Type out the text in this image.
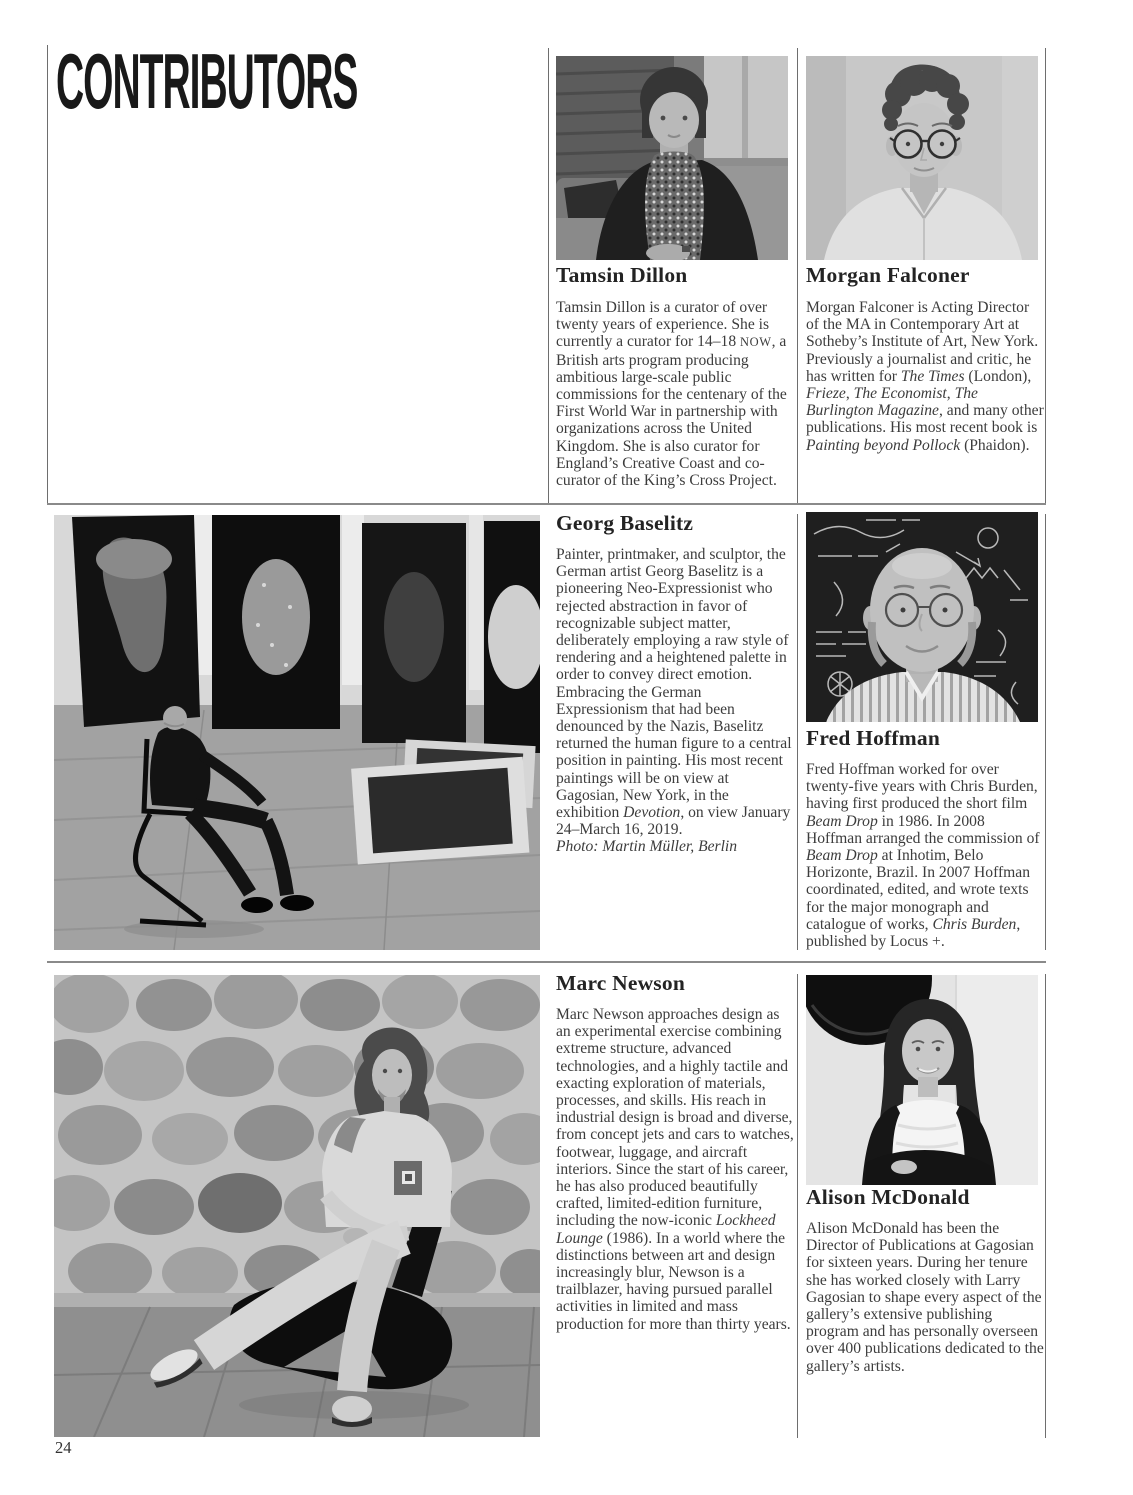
CONTRIBUTORS
Tamsin Dillon

Tamsin Dillon is a curator of over twenty years of experience. She is currently a curator for 14–18 NOW, a British arts program producing ambitious large-scale public commissions for the centenary of the First World War in partnership with organizations across the United Kingdom. She is also curator for England’s Creative Coast and co-curator of the King’s Cross Project.

Morgan Falconer

Morgan Falconer is Acting Director of the MA in Contemporary Art at Sotheby’s Institute of Art, New York. Previously a journalist and critic, he has written for The Times (London), Frieze, The Economist, The Burlington Magazine, and many other publications. His most recent book is Painting beyond Pollock (Phaidon).

Georg Baselitz

Painter, printmaker, and sculptor, the German artist Georg Baselitz is a pioneering Neo-Expressionist who rejected abstraction in favor of recognizable subject matter, deliberately employing a raw style of rendering and a heightened palette in order to convey direct emotion. Embracing the German Expressionism that had been denounced by the Nazis, Baselitz returned the human figure to a central position in painting. His most recent paintings will be on view at Gagosian, New York, in the exhibition Devotion, on view January 24–March 16, 2019.
Photo: Martin Müller, Berlin

Fred Hoffman

Fred Hoffman worked for over twenty-five years with Chris Burden, having first produced the short film Beam Drop in 1986. In 2008 Hoffman arranged the commission of Beam Drop at Inhotim, Belo Horizonte, Brazil. In 2007 Hoffman coordinated, edited, and wrote texts for the major monograph and catalogue of works, Chris Burden, published by Locus +.

Marc Newson

Marc Newson approaches design as an experimental exercise combining extreme structure, advanced technologies, and a highly tactile and exacting exploration of materials, processes, and skills. His reach in industrial design is broad and diverse, from concept jets and cars to watches, footwear, luggage, and aircraft interiors. Since the start of his career, he has also produced beautifully crafted, limited-edition furniture, including the now-iconic Lockheed Lounge (1986). In a world where the distinctions between art and design increasingly blur, Newson is a trailblazer, having pursued parallel activities in limited and mass production for more than thirty years.

Alison McDonald

Alison McDonald has been the Director of Publications at Gagosian for sixteen years. During her tenure she has worked closely with Larry Gagosian to shape every aspect of the gallery’s extensive publishing program and has personally overseen over 400 publications dedicated to the gallery’s artists.

24
